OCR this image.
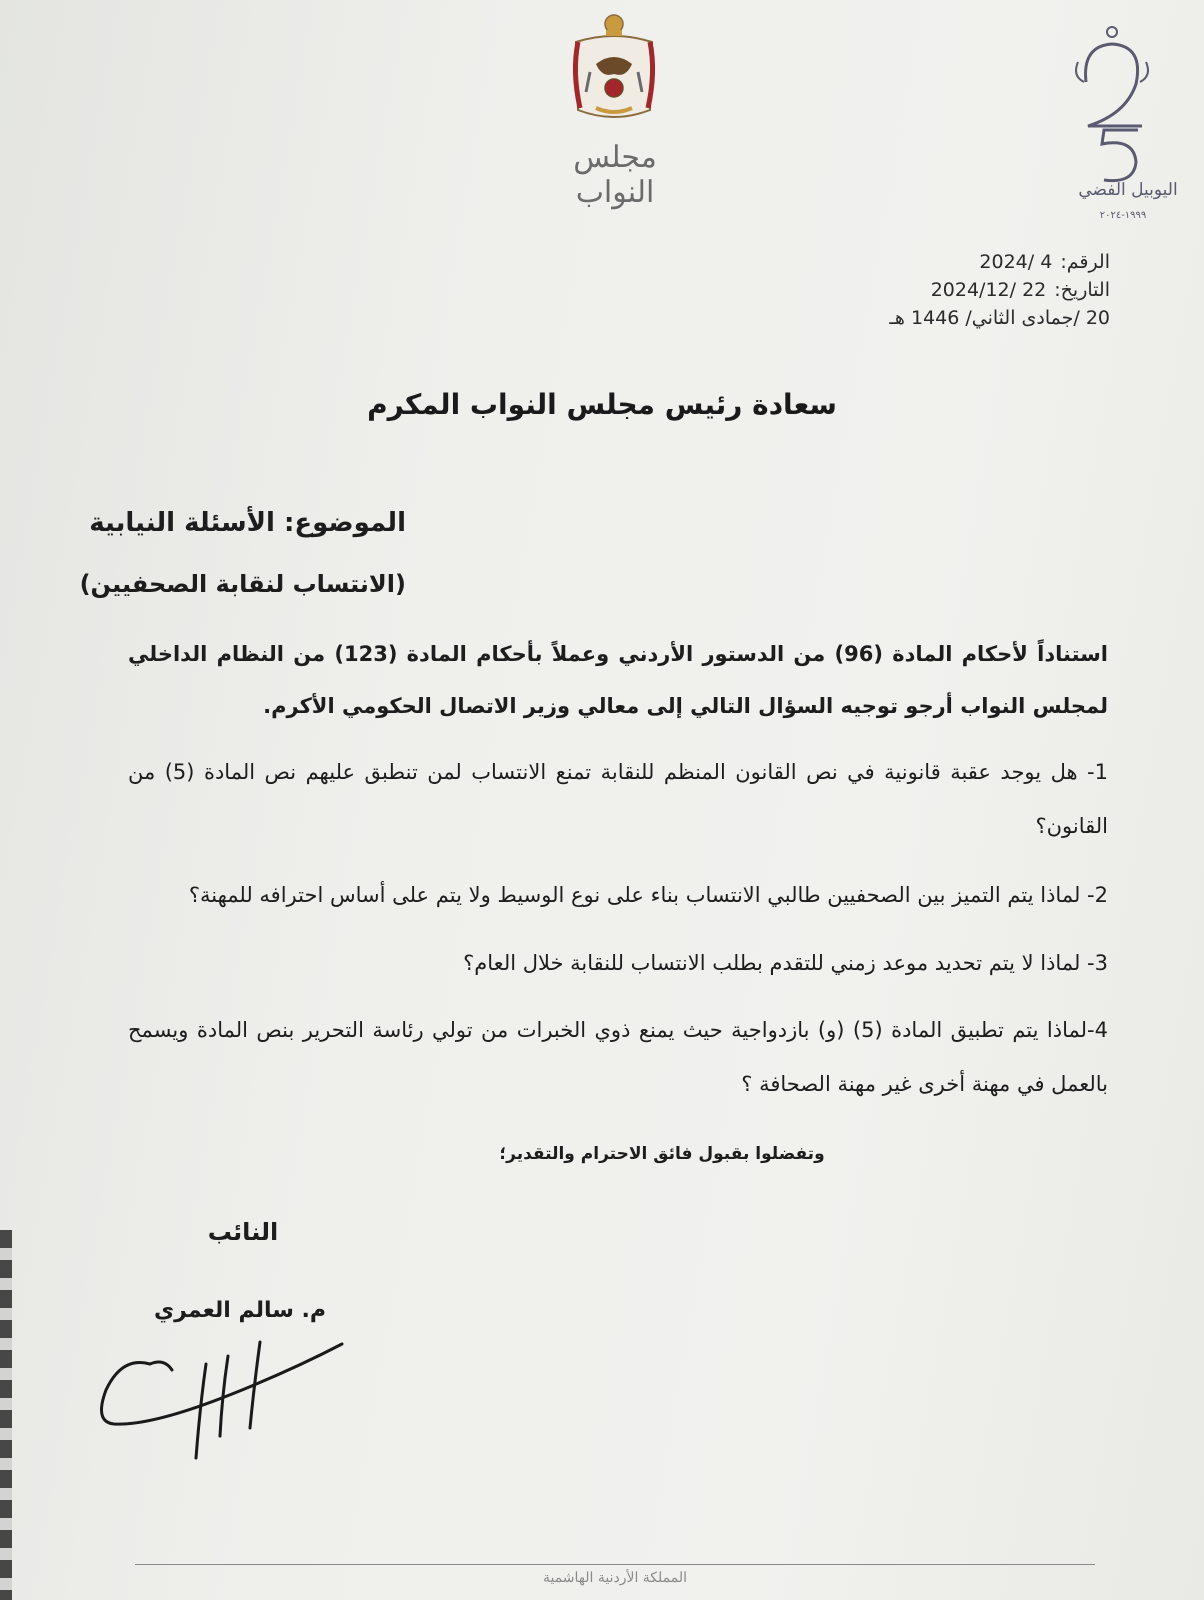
مجلس النواب	اليوبيل الفضي
١٩٩٩-٢٠٢٤
الرقم:4 /2024
التاريخ:22 /2024/12
20 /جمادى الثاني/ 1446 هـ
سعادة رئيس مجلس النواب المكرم
الموضوع: الأسئلة النيابية
(الانتساب لنقابة الصحفيين)
استناداً لأحكام المادة (96) من الدستور الأردني وعملاً بأحكام المادة (123) من النظام الداخلي لمجلس النواب أرجو توجيه السؤال التالي إلى معالي وزير الاتصال الحكومي الأكرم.
1- هل يوجد عقبة قانونية في نص القانون المنظم للنقابة تمنع الانتساب لمن تنطبق عليهم نص المادة (5) من القانون؟
2- لماذا يتم التميز بين الصحفيين طالبي الانتساب بناء على نوع الوسيط ولا يتم على أساس احترافه للمهنة؟
3- لماذا لا يتم تحديد موعد زمني للتقدم بطلب الانتساب للنقابة خلال العام؟
4-لماذا يتم تطبيق المادة (5) (و) بازدواجية حيث يمنع ذوي الخبرات من تولي رئاسة التحرير بنص المادة ويسمح بالعمل في مهنة أخرى غير مهنة الصحافة ؟
وتفضلوا بقبول فائق الاحترام والتقدير؛
النائب
م. سالم العمري
المملكة الأردنية الهاشمية
